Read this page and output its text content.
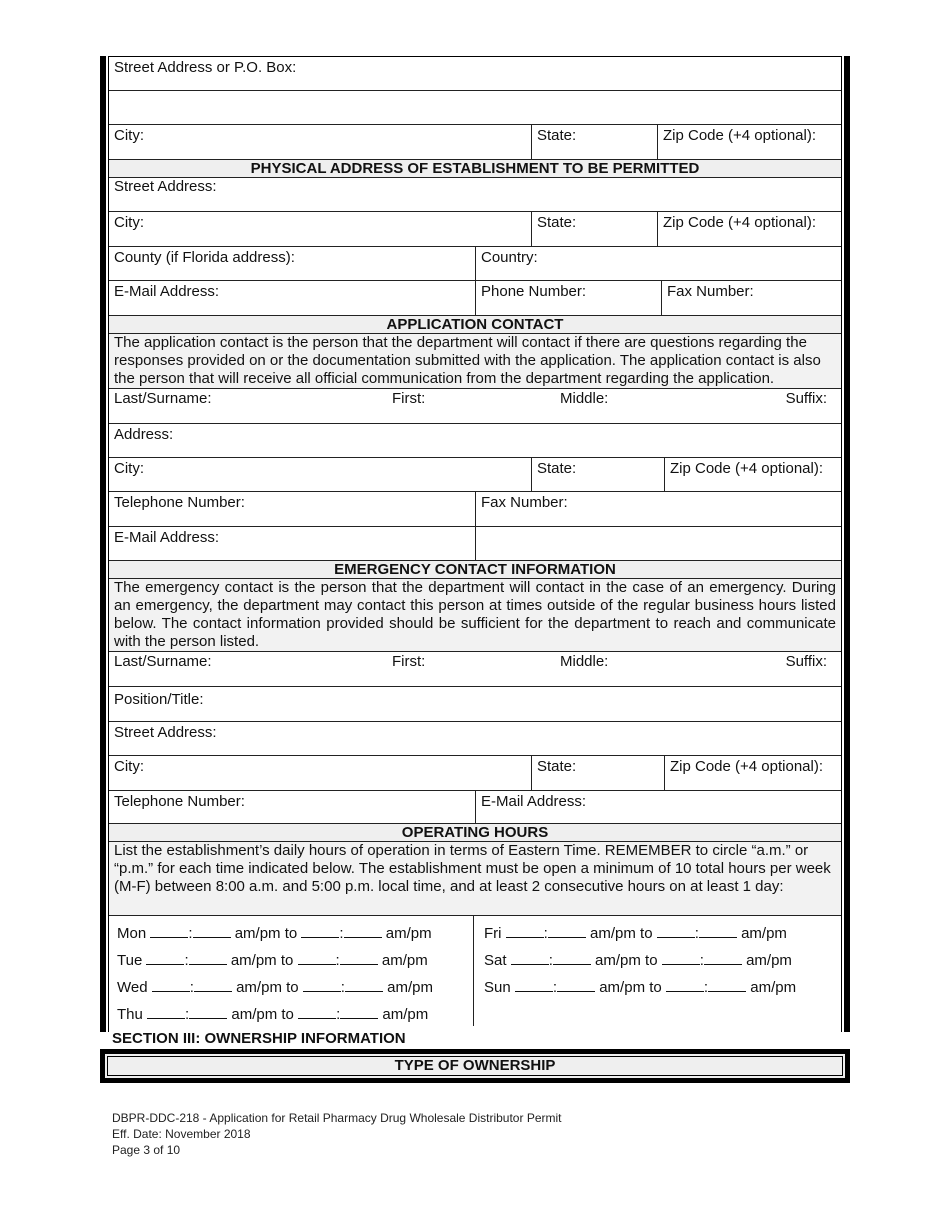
Street Address or P.O. Box:
City:	State:	Zip Code (+4 optional):
PHYSICAL ADDRESS OF ESTABLISHMENT TO BE PERMITTED
Street Address:
City:	State:	Zip Code (+4 optional):
County (if Florida address):	Country:
E-Mail Address:	Phone Number:	Fax Number:
APPLICATION CONTACT
The application contact is the person that the department will contact if there are questions regarding the responses provided on or the documentation submitted with the application. The application contact is also the person that will receive all official communication from the department regarding the application.
Last/Surname:	First:	Middle:	Suffix:
Address:
City:	State:	Zip Code (+4 optional):
Telephone Number:	Fax Number:
E-Mail Address:
EMERGENCY CONTACT INFORMATION
The emergency contact is the person that the department will contact in the case of an emergency. During an emergency, the department may contact this person at times outside of the regular business hours listed below. The contact information provided should be sufficient for the department to reach and communicate with the person listed.
Last/Surname:	First:	Middle:	Suffix:
Position/Title:
Street Address:
City:	State:	Zip Code (+4 optional):
Telephone Number:	E-Mail Address:
OPERATING HOURS
List the establishment’s daily hours of operation in terms of Eastern Time. REMEMBER to circle “a.m.” or “p.m.” for each time indicated below. The establishment must be open a minimum of 10 total hours per week (M-F) between 8:00 a.m. and 5:00 p.m. local time, and at least 2 consecutive hours on at least 1 day:
Mon	:	am/pm to	:	am/pm
Tue	:	am/pm to	:	am/pm
Wed	:	am/pm to	:	am/pm
Thu	:	am/pm to	:	am/pm
Fri	:	am/pm to	:	am/pm
Sat	:	am/pm to	:	am/pm
Sun	:	am/pm to	:	am/pm
SECTION III: OWNERSHIP INFORMATION
TYPE OF OWNERSHIP
DBPR-DDC-218 - Application for Retail Pharmacy Drug Wholesale Distributor Permit
Eff. Date: November 2018
Page 3 of 10
